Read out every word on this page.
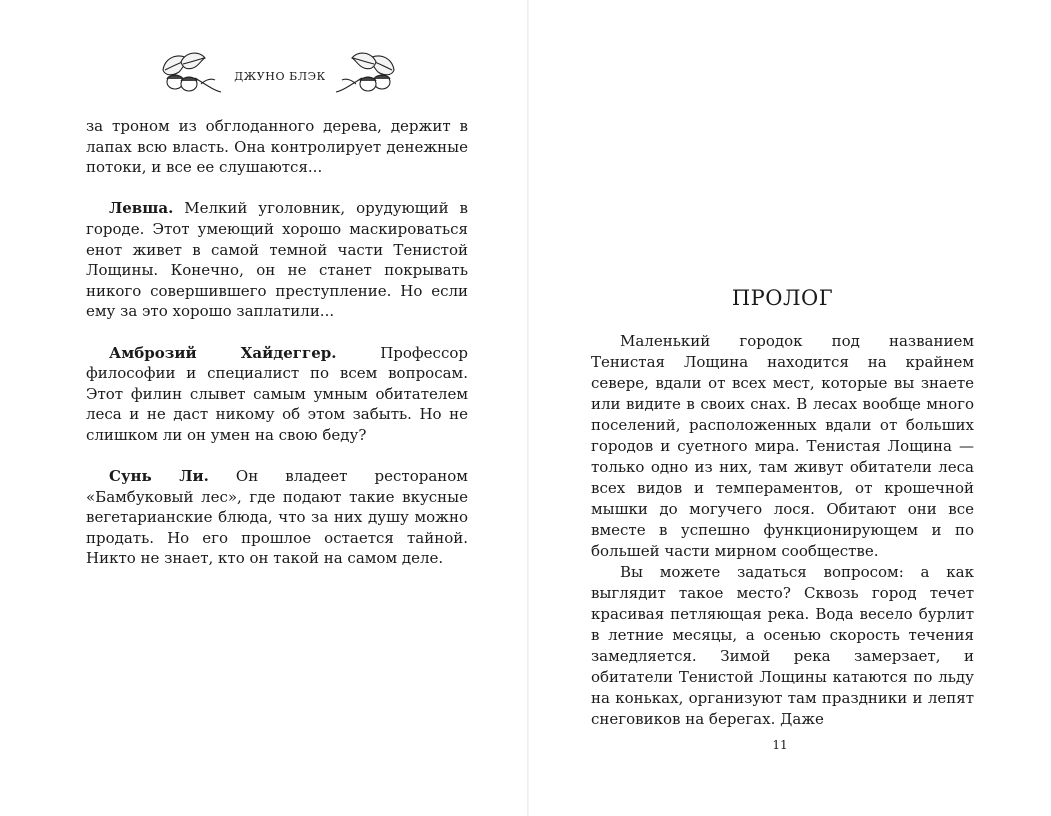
ДЖУНО БЛЭК

за троном из обглоданного дерева, держит в лапах всю власть. Она контролирует денежные потоки, и все ее слушаются...

Левша. Мелкий уголовник, орудующий в городе. Этот умеющий хорошо маскироваться енот живет в самой темной части Тенистой Лощины. Конечно, он не станет покрывать никого совершившего преступление. Но если ему за это хорошо заплатили...

Амброзий Хайдеггер.	Профессор философии и специалист по всем вопросам. Этот филин слывет самым умным обитателем леса и не даст никому об этом забыть. Но не слишком ли он умен на свою беду?

Сунь Ли. Он владеет рестораном «Бамбуковый лес», где подают такие вкусные вегетарианские блюда, что за них душу можно продать. Но его прошлое остается тайной. Никто не знает, кто он такой на самом деле.

ПРОЛОГ

Маленький городок под названием Тенистая Лощина находится на крайнем севере, вдали от всех мест, которые вы знаете или видите в своих снах. В лесах вообще много поселений, расположенных вдали от больших городов и суетного мира. Тенистая Лощина — только одно из них, там живут обитатели леса всех видов и темпераментов, от крошечной мышки до могучего лося. Обитают они все вместе в успешно функционирующем и по большей части мирном сообществе.

Вы можете задаться вопросом: а как выглядит такое место? Сквозь город течет красивая петляющая река. Вода весело бурлит в летние месяцы, а осенью скорость течения замедляется. Зимой река замерзает, и обитатели Тенистой Лощины катаются по льду на коньках, организуют там праздники и лепят снеговиков на берегах. Даже

11
